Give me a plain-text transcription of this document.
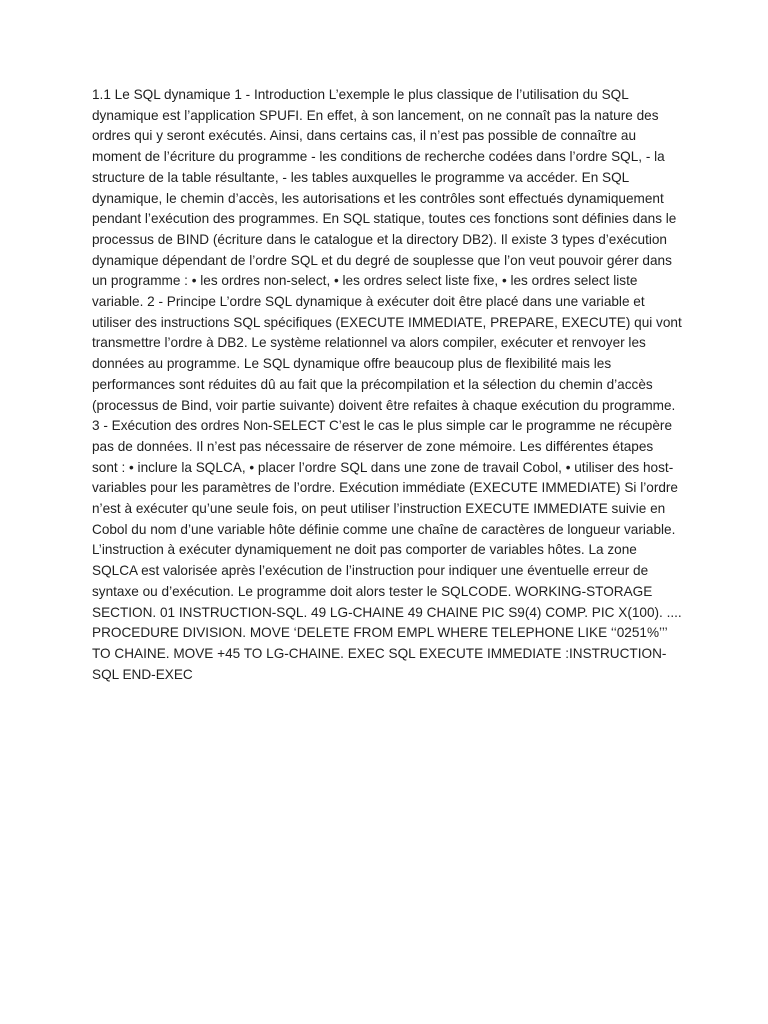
1.1 Le SQL dynamique 1 - Introduction L’exemple le plus classique de l’utilisation du SQL dynamique est l’application SPUFI. En effet, à son lancement, on ne connaît pas la nature des ordres qui y seront exécutés. Ainsi, dans certains cas, il n’est pas possible de connaître au moment de l’écriture du programme - les conditions de recherche codées dans l’ordre SQL, - la structure de la table résultante, - les tables auxquelles le programme va accéder. En SQL dynamique, le chemin d’accès, les autorisations et les contrôles sont effectués dynamiquement pendant l’exécution des programmes. En SQL statique, toutes ces fonctions sont définies dans le processus de BIND (écriture dans le catalogue et la directory DB2). Il existe 3 types d’exécution dynamique dépendant de l’ordre SQL et du degré de souplesse que l’on veut pouvoir gérer dans un programme : • les ordres non-select, • les ordres select liste fixe, • les ordres select liste variable. 2 - Principe L’ordre SQL dynamique à exécuter doit être placé dans une variable et utiliser des instructions SQL spécifiques (EXECUTE IMMEDIATE, PREPARE, EXECUTE) qui vont transmettre l’ordre à DB2. Le système relationnel va alors compiler, exécuter et renvoyer les données au programme. Le SQL dynamique offre beaucoup plus de flexibilité mais les performances sont réduites dû au fait que la précompilation et la sélection du chemin d’accès (processus de Bind, voir partie suivante) doivent être refaites à chaque exécution du programme. 3 - Exécution des ordres Non-SELECT C’est le cas le plus simple car le programme ne récupère pas de données. Il n’est pas nécessaire de réserver de zone mémoire. Les différentes étapes sont : • inclure la SQLCA, • placer l’ordre SQL dans une zone de travail Cobol, • utiliser des host-variables pour les paramètres de l’ordre. Exécution immédiate (EXECUTE IMMEDIATE) Si l’ordre n’est à exécuter qu’une seule fois, on peut utiliser l’instruction EXECUTE IMMEDIATE suivie en Cobol du nom d’une variable hôte définie comme une chaîne de caractères de longueur variable. L’instruction à exécuter dynamiquement ne doit pas comporter de variables hôtes. La zone SQLCA est valorisée après l’exécution de l’instruction pour indiquer une éventuelle erreur de syntaxe ou d’exécution. Le programme doit alors tester le SQLCODE. WORKING-STORAGE SECTION. 01 INSTRUCTION-SQL. 49 LG-CHAINE 49 CHAINE PIC S9(4) COMP. PIC X(100). .... PROCEDURE DIVISION. MOVE ‘DELETE FROM EMPL WHERE TELEPHONE LIKE ‘‘0251%’’’ TO CHAINE. MOVE +45 TO LG-CHAINE. EXEC SQL EXECUTE IMMEDIATE :INSTRUCTION-SQL END-EXEC
